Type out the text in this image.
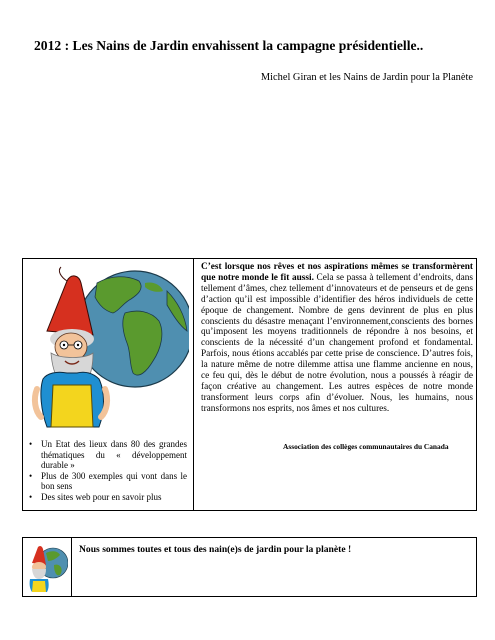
2012 : Les Nains de Jardin envahissent la campagne présidentielle..
Michel Giran et les Nains de Jardin pour la Planète
• Un Etat des lieux dans 80 des grandes thématiques du « développement durable »
• Plus de 300 exemples qui vont dans le bon sens
• Des sites web pour en savoir plus
C’est lorsque nos rêves et nos aspirations mêmes se transformèrent que notre monde le fit aussi. Cela se passa à tellement d’endroits, dans tellement d’âmes, chez tellement d’innovateurs et de penseurs et de gens d’action qu’il est impossible d’identifier des héros individuels de cette époque de changement. Nombre de gens devinrent de plus en plus conscients du désastre menaçant l’environnement,conscients des bornes qu’imposent les moyens traditionnels de répondre à nos besoins, et conscients de la nécessité d’un changement profond et fondamental. Parfois, nous étions accablés par cette prise de conscience. D’autres fois, la nature même de notre dilemme attisa une flamme ancienne en nous, ce feu qui, dès le début de notre évolution, nous a poussés à réagir de façon créative au changement. Les autres espèces de notre monde transforment leurs corps afin d’évoluer. Nous, les humains, nous transformons nos esprits, nos âmes et nos cultures.
Association des collèges communautaires du Canada
Nous sommes toutes et tous des nain(e)s de jardin pour la planète !
